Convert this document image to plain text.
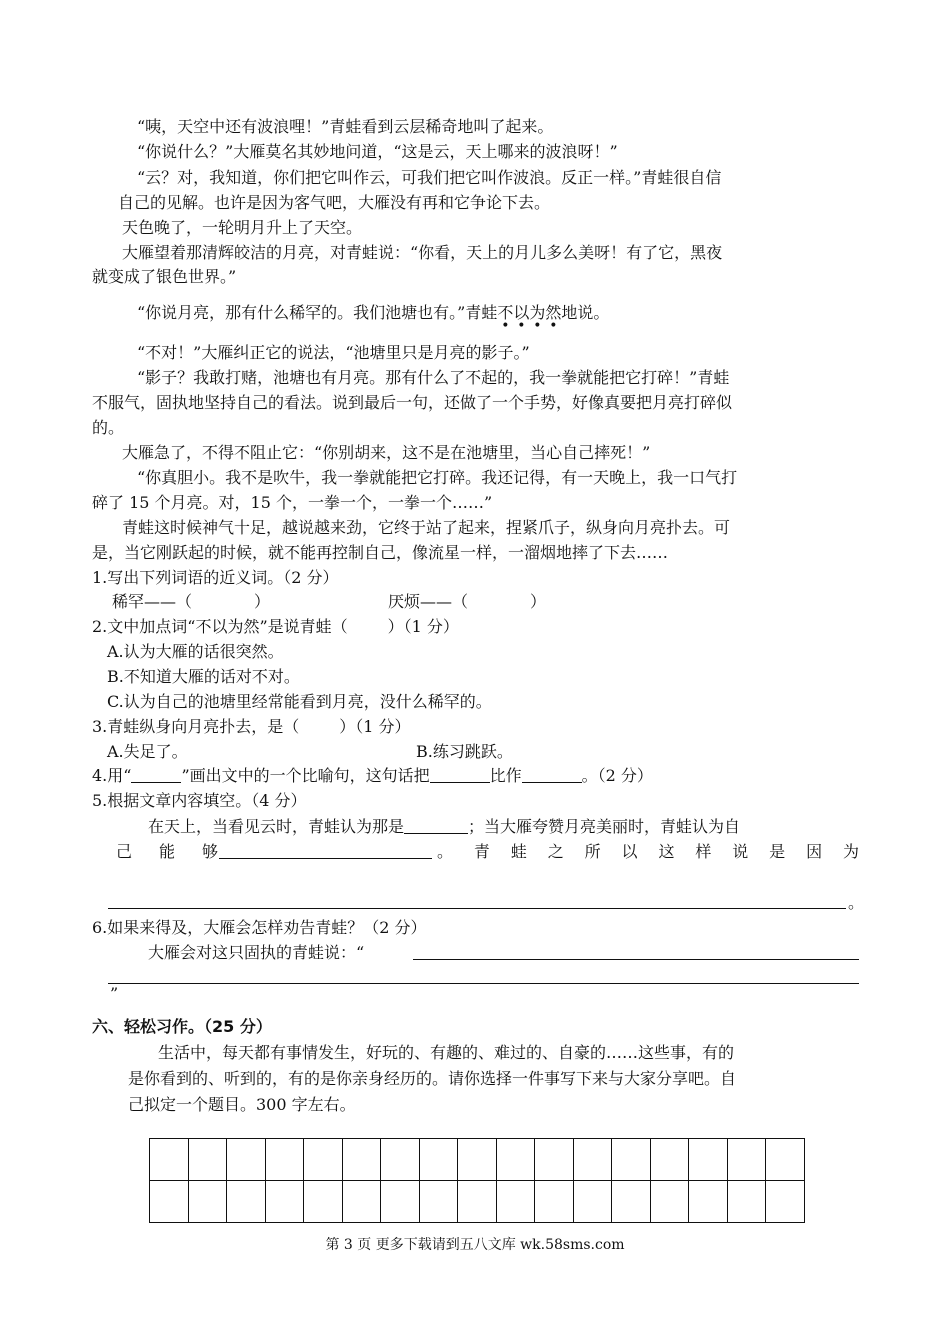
“咦，天空中还有波浪哩！”青蛙看到云层稀奇地叫了起来。
“你说什么？”大雁莫名其妙地问道，“这是云，天上哪来的波浪呀！”
“云？对，我知道，你们把它叫作云，可我们把它叫作波浪。反正一样。”青蛙很自信
自己的见解。也许是因为客气吧，大雁没有再和它争论下去。
天色晚了，一轮明月升上了天空。
大雁望着那清辉皎洁的月亮，对青蛙说：“你看，天上的月儿多么美呀！有了它，黑夜
就变成了银色世界。”
“你说月亮，那有什么稀罕的。我们池塘也有。”青蛙不以为然
• • • •
地说。
“不对！”大雁纠正它的说法，“池塘里只是月亮的影子。”
“影子？我敢打赌，池塘也有月亮。那有什么了不起的，我一拳就能把它打碎！”青蛙
不服气，固执地坚持自己的看法。说到最后一句，还做了一个手势，好像真要把月亮打碎似
的。
大雁急了，不得不阻止它：“你别胡来，这不是在池塘里，当心自己摔死！”
“你真胆小。我不是吹牛，我一拳就能把它打碎。我还记得，有一天晚上，我一口气打
碎了 15 个月亮。对，15 个，一拳一个，一拳一个……”
青蛙这时候神气十足，越说越来劲，它终于站了起来，捏紧爪子，纵身向月亮扑去。可
是，当它刚跃起的时候，就不能再控制自己，像流星一样，一溜烟地摔了下去……
1.写出下列词语的近义词。（2 分）
稀罕——（	）	厌烦——（	）
2.文中加点词“不以为然”是说青蛙（	）（1 分）
A.认为大雁的话很突然。
B.不知道大雁的话对不对。
C.认为自己的池塘里经常能看到月亮，没什么稀罕的。
3.青蛙纵身向月亮扑去，是（	）（1 分）
A.失足了。	B.练习跳跃。
4.用“	”画出文中的一个比喻句，这句话把	比作	。（2 分）
5.根据文章内容填空。（4 分）
在天上，当看见云时，青蛙认为那是	；当大雁夸赞月亮美丽时，青蛙认为自
己 能 够	。 青 蛙 之 所 以 这 样 说 是 因 为
。
6.如果来得及，大雁会怎样劝告青蛙？（2 分）
大雁会对这只固执的青蛙说：“
”
六、轻松习作。（25 分）
生活中，每天都有事情发生，好玩的、有趣的、难过的、自豪的……这些事，有的
是你看到的、听到的，有的是你亲身经历的。请你选择一件事写下来与大家分享吧。自
己拟定一个题目。300 字左右。

第 3 页 更多下载请到五八文库 wk.58sms.com
